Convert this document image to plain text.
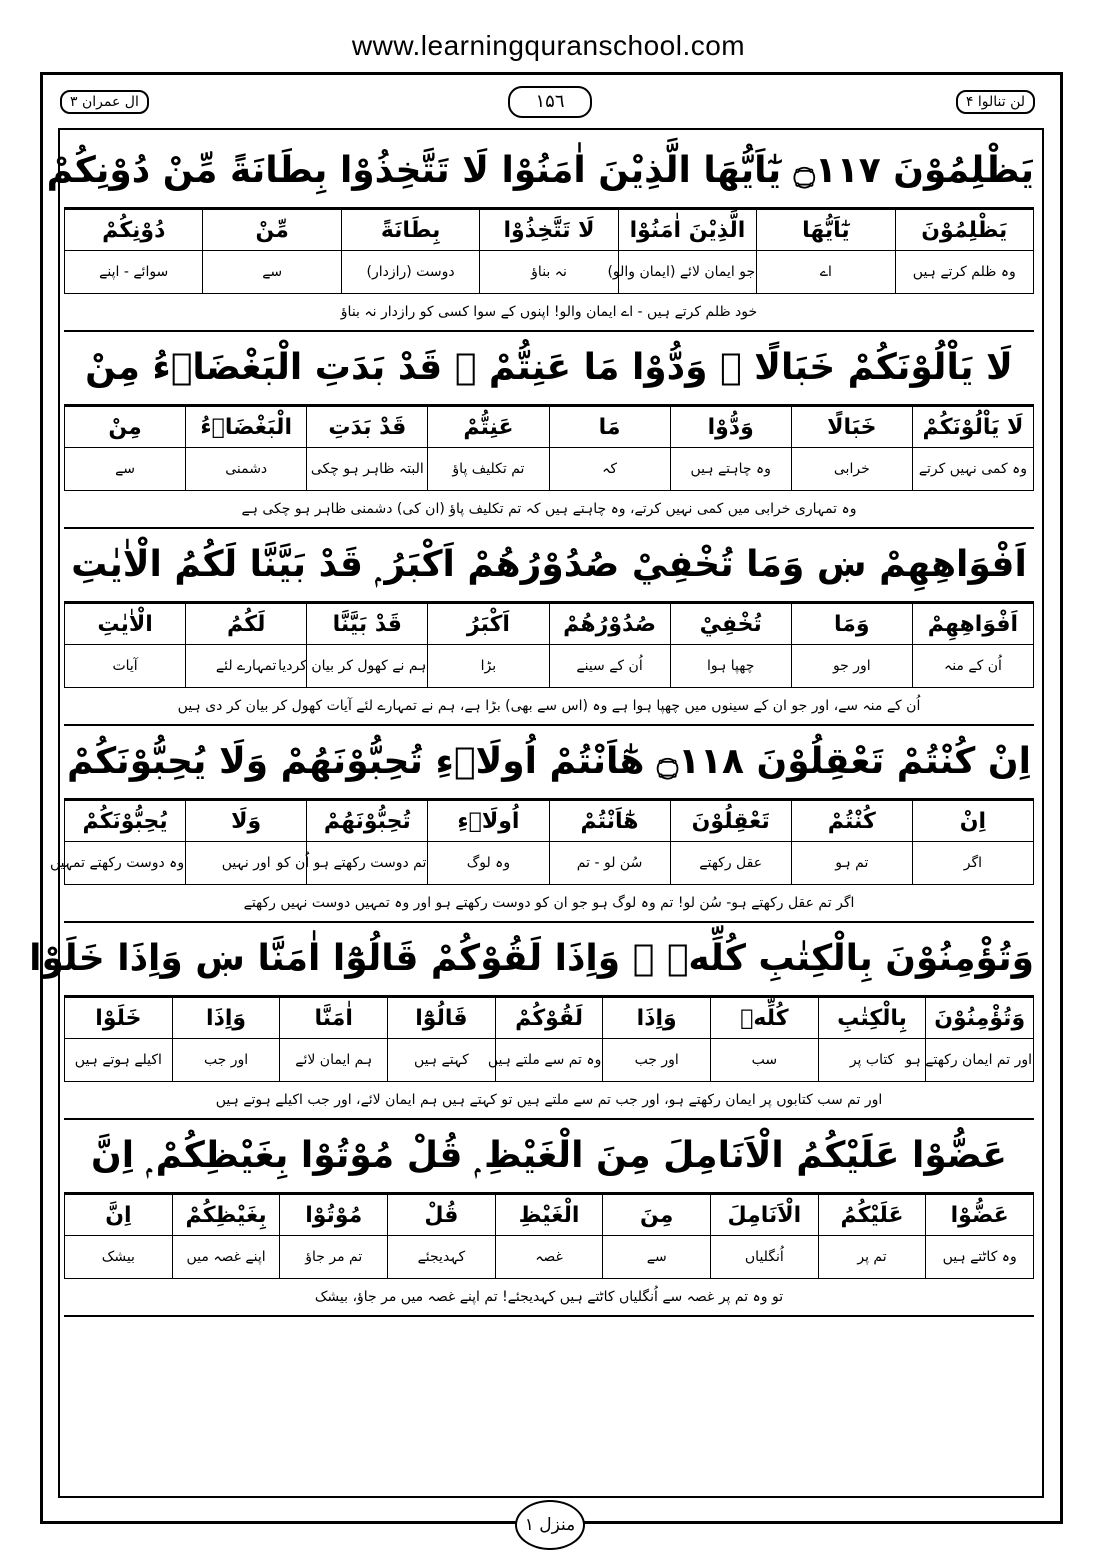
www.learningquranschool.com
لن تنالوا ۴
۱۵٦
ال عمران ۳
يَظْلِمُوْنَ ۝١١٧ يٰٓاَيُّهَا الَّذِيْنَ اٰمَنُوْا لَا تَتَّخِذُوْا بِطَانَةً مِّنْ دُوْنِكُمْ
يَظْلِمُوْنَ	يٰٓاَيُّهَا	الَّذِيْنَ اٰمَنُوْا	لَا تَتَّخِذُوْا	بِطَانَةً	مِّنْ	دُوْنِكُمْ
وہ ظلم کرتے ہیں	اے	جو ایمان لائے (ایمان والو)	نہ بناؤ	دوست (رازدار)	سے	سوائے - اپنے
خود ظلم کرتے ہیں - اے ایمان والو! اپنوں کے سوا کسی کو رازدار نہ بناؤ
لَا يَاْلُوْنَكُمْ خَبَالًا ۭ وَدُّوْا مَا عَنِتُّمْ ۚ قَدْ بَدَتِ الْبَغْضَاۗءُ مِنْ
لَا يَاْلُوْنَكُمْ	خَبَالًا	وَدُّوْا	مَا	عَنِتُّمْ	قَدْ بَدَتِ	الْبَغْضَاۗءُ	مِنْ
وہ کمی نہیں کرتے	خرابی	وہ چاہتے ہیں	کہ	تم تکلیف پاؤ	البتہ ظاہر ہو چکی	دشمنی	سے
وہ تمہاری خرابی میں کمی نہیں کرتے، وہ چاہتے ہیں کہ تم تکلیف پاؤ (ان کی) دشمنی ظاہر ہو چکی ہے
اَفْوَاهِهِمْ ښ وَمَا تُخْفِيْ صُدُوْرُھُمْ اَكْبَرُ ۭ قَدْ بَيَّنَّا لَكُمُ الْاٰيٰتِ
اَفْوَاهِهِمْ	وَمَا	تُخْفِيْ	صُدُوْرُھُمْ	اَكْبَرُ	قَدْ بَيَّنَّا	لَكُمُ	الْاٰيٰتِ
اُن کے منہ	اور جو	چھپا ہوا	اُن کے سینے	بڑا	ہم نے کھول کر بیان کردیا	تمہارے لئے	آیات
اُن کے منہ سے، اور جو ان کے سینوں میں چھپا ہوا ہے وہ (اس سے بھی) بڑا ہے، ہم نے تمہارے لئے آیات کھول کر بیان کر دی ہیں
اِنْ كُنْتُمْ تَعْقِلُوْنَ ۝١١٨ ھٰٓاَنْتُمْ اُولَاۗءِ تُحِبُّوْنَھُمْ وَلَا يُحِبُّوْنَكُمْ
اِنْ	كُنْتُمْ	تَعْقِلُوْنَ	ھٰٓاَنْتُمْ	اُولَاۗءِ	تُحِبُّوْنَھُمْ	وَلَا	يُحِبُّوْنَكُمْ
اگر	تم ہو	عقل رکھتے	سُن لو - تم	وہ لوگ	تم دوست رکھتے ہو اُن کو	اور نہیں	وہ دوست رکھتے تمہیں
اگر تم عقل رکھتے ہو- سُن لو! تم وہ لوگ ہو جو ان کو دوست رکھتے ہو اور وہ تمہیں دوست نہیں رکھتے
وَتُؤْمِنُوْنَ بِالْكِتٰبِ كُلِّهٖ ۚ وَاِذَا لَقُوْكُمْ قَالُوْٓا اٰمَنَّا ښ وَاِذَا خَلَوْا
وَتُؤْمِنُوْنَ	بِالْكِتٰبِ	كُلِّهٖ	وَاِذَا	لَقُوْكُمْ	قَالُوْٓا	اٰمَنَّا	وَاِذَا	خَلَوْا
اور تم ایمان رکھتے ہو	کتاب پر	سب	اور جب	وہ تم سے ملتے ہیں	کہتے ہیں	ہم ایمان لائے	اور جب	اکیلے ہوتے ہیں
اور تم سب کتابوں پر ایمان رکھتے ہو، اور جب تم سے ملتے ہیں تو کہتے ہیں ہم ایمان لائے، اور جب اکیلے ہوتے ہیں
عَضُّوْا عَلَيْكُمُ الْاَنَامِلَ مِنَ الْغَيْظِ ۭ قُلْ مُوْتُوْا بِغَيْظِكُمْ ۭ اِنَّ
عَضُّوْا	عَلَيْكُمُ	الْاَنَامِلَ	مِنَ	الْغَيْظِ	قُلْ	مُوْتُوْا	بِغَيْظِكُمْ	اِنَّ
وہ کاٹتے ہیں	تم پر	اُنگلیاں	سے	غصہ	کہدیجئے	تم مر جاؤ	اپنے غصہ میں	بیشک
تو وہ تم پر غصہ سے اُنگلیاں کاٹتے ہیں کہدیجئے! تم اپنے غصہ میں مر جاؤ، بیشک
منزل ۱
